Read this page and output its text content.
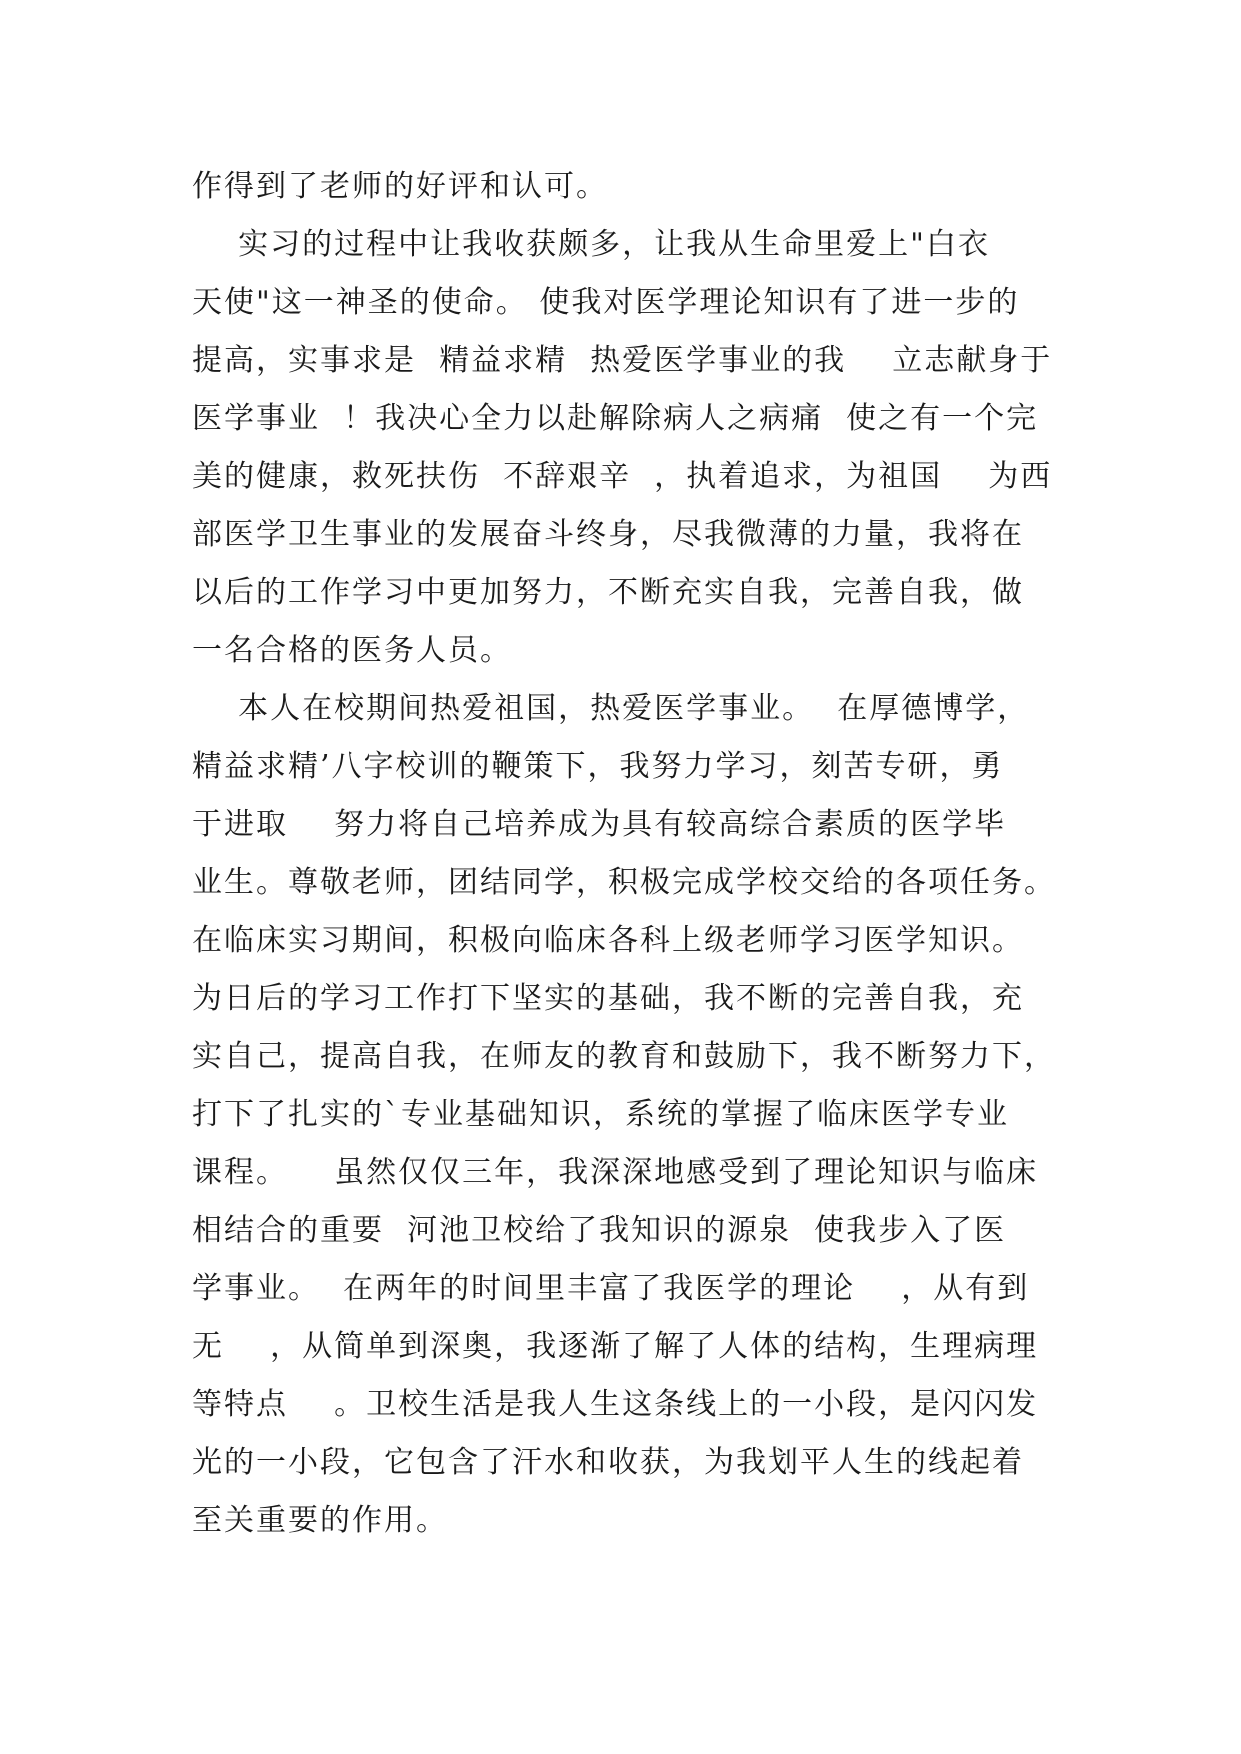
作得到了老师的好评和认可。
实习的过程中让我收获颇多，让我从生命里爱上"白衣
天使"这一神圣的使命。 使我对医学理论知识有了进一步的
提高，实事求是  精益求精  热爱医学事业的我    立志献身于
医学事业  ！我决心全力以赴解除病人之病痛  使之有一个完
美的健康，救死扶伤  不辞艰辛  ，执着追求，为祖国    为西
部医学卫生事业的发展奋斗终身，尽我微薄的力量，我将在
以后的工作学习中更加努力，不断充实自我，完善自我，做
一名合格的医务人员。
本人在校期间热爱祖国，热爱医学事业。  在厚德博学，
精益求精’八字校训的鞭策下，我努力学习，刻苦专研，勇
于进取    努力将自己培养成为具有较高综合素质的医学毕
业生。尊敬老师，团结同学，积极完成学校交给的各项任务。
在临床实习期间，积极向临床各科上级老师学习医学知识。
为日后的学习工作打下坚实的基础，我不断的完善自我，充
实自己，提高自我，在师友的教育和鼓励下，我不断努力下，
打下了扎实的`专业基础知识，系统的掌握了临床医学专业
课程。    虽然仅仅三年，我深深地感受到了理论知识与临床
相结合的重要  河池卫校给了我知识的源泉  使我步入了医
学事业。  在两年的时间里丰富了我医学的理论    ，从有到
无    ，从简单到深奥，我逐渐了解了人体的结构，生理病理
等特点    。卫校生活是我人生这条线上的一小段，是闪闪发
光的一小段，它包含了汗水和收获，为我划平人生的线起着
至关重要的作用。
